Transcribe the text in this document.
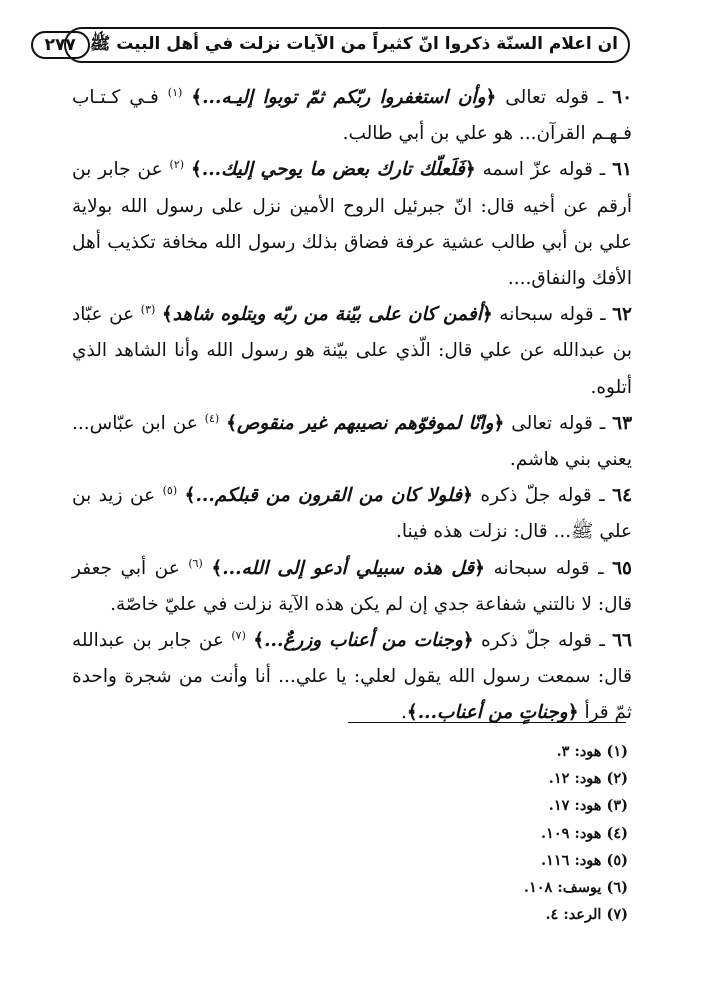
ان اعلام السنّة ذكروا انّ كثيراً من الآيات نزلت في أهل البيت ﷺ
٢٧٧

٦٠ ـ قوله تعالى ﴿وأن استغفروا ربّكم ثمّ توبوا إليـه...﴾ $^{(١)}$ فـي كـتـاب فـهـم القرآن... هو علي بن أبي طالب.

٦١ ـ قوله عزّ اسمه ﴿فَلَعلّك تارك بعض ما يوحي إليك...﴾ $^{(٢)}$ عن جابر بن أرقم عن أخيه قال: انّ جبرئيل الروح الأمين نزل على رسول الله بولاية علي بن أبي طالب عشية عرفة فضاق بذلك رسول الله مخافة تكذيب أهل الأفك والنفاق....

٦٢ ـ قوله سبحانه ﴿أفمن كان على بيّنة من ربّه ويتلوه شاهد﴾ $^{(٣)}$ عن عبّاد بن عبدالله عن علي قال: الّذي على بيّنة هو رسول الله وأنا الشاهد الذي أتلوه.

٦٣ ـ قوله تعالى ﴿وانّا لموفوّهم نصيبهم غير منقوص﴾ $^{(٤)}$ عن ابن عبّاس... يعني بني هاشم.

٦٤ ـ قوله جلّ ذكره ﴿فلولا كان من القرون من قبلكم...﴾ $^{(٥)}$ عن زيد بن علي ﷺ... قال: نزلت هذه فينا.

٦٥ ـ قوله سبحانه ﴿قل هذه سبيلي أدعو إلى الله...﴾ $^{(٦)}$ عن أبي جعفر قال: لا نالتني شفاعة جدي إن لم يكن هذه الآية نزلت في عليّ خاصّة.

٦٦ ـ قوله جلّ ذكره ﴿وجنات من أعناب وزرعٌ...﴾ $^{(٧)}$ عن جابر بن عبدالله قال: سمعت رسول الله يقول لعلي: يا علي... أنا وأنت من شجرة واحدة ثمّ قرأ ﴿وجناتٍ من أعناب...﴾.

(١) هود: ٣.

(٢) هود: ١٢.

(٣) هود: ١٧.

(٤) هود: ١٠٩.

(٥) هود: ١١٦.

(٦) يوسف: ١٠٨.

(٧) الرعد: ٤.
